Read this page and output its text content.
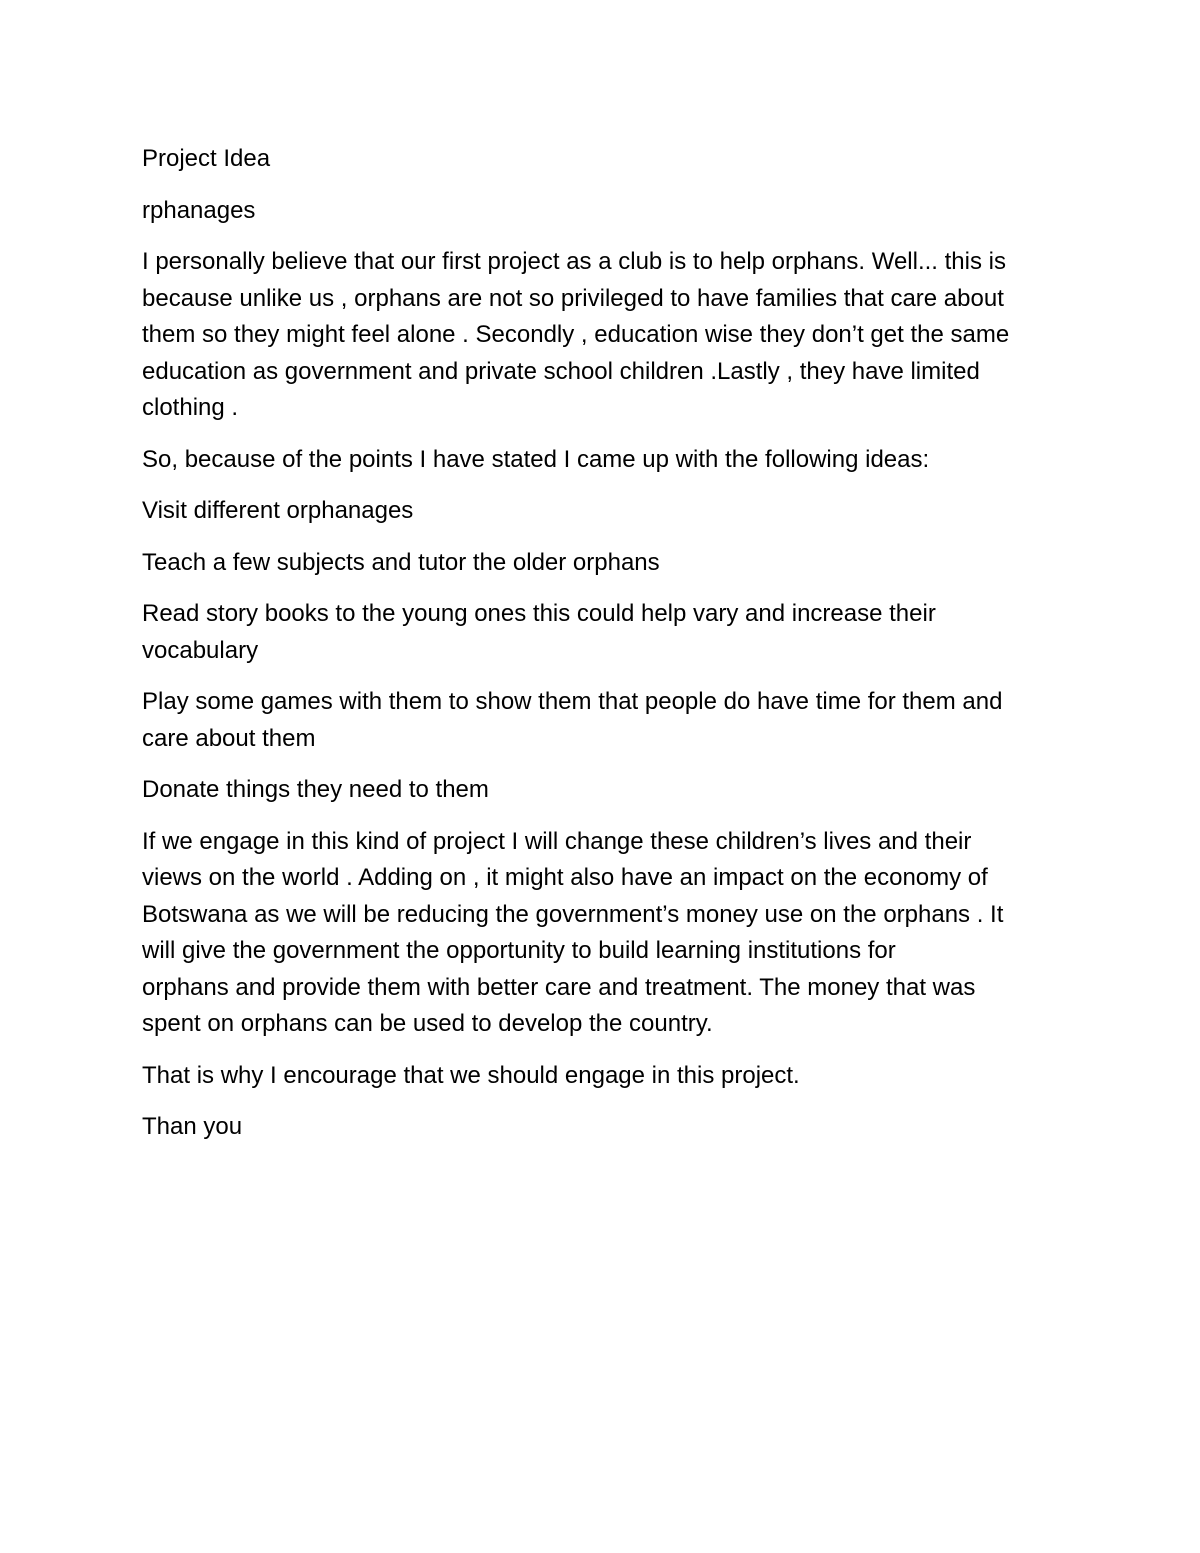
Project Idea

rphanages

I personally believe that our first project as a club is to help orphans. Well... this is
because unlike us , orphans are not so privileged to have families that care about
them so they might feel alone . Secondly , education wise they don’t get the same
education as government and private school children .Lastly , they have limited
clothing .

So, because of the points I have stated I came up with the following ideas:

Visit different orphanages

Teach a few subjects and tutor the older orphans

Read story books to the young ones this could help vary and increase their
vocabulary

Play some games with them to show them that people do have time for them and
care about them

Donate things they need to them

If we engage in this kind of project I will change these children’s lives and their
views on the world . Adding on , it might also have an impact on the economy of
Botswana as we will be reducing the government’s money use on the orphans . It
will give the government the opportunity to build learning institutions for
orphans and provide them with better care and treatment. The money that was
spent on orphans can be used to develop the country.

That is why I encourage that we should engage in this project.

Than you
